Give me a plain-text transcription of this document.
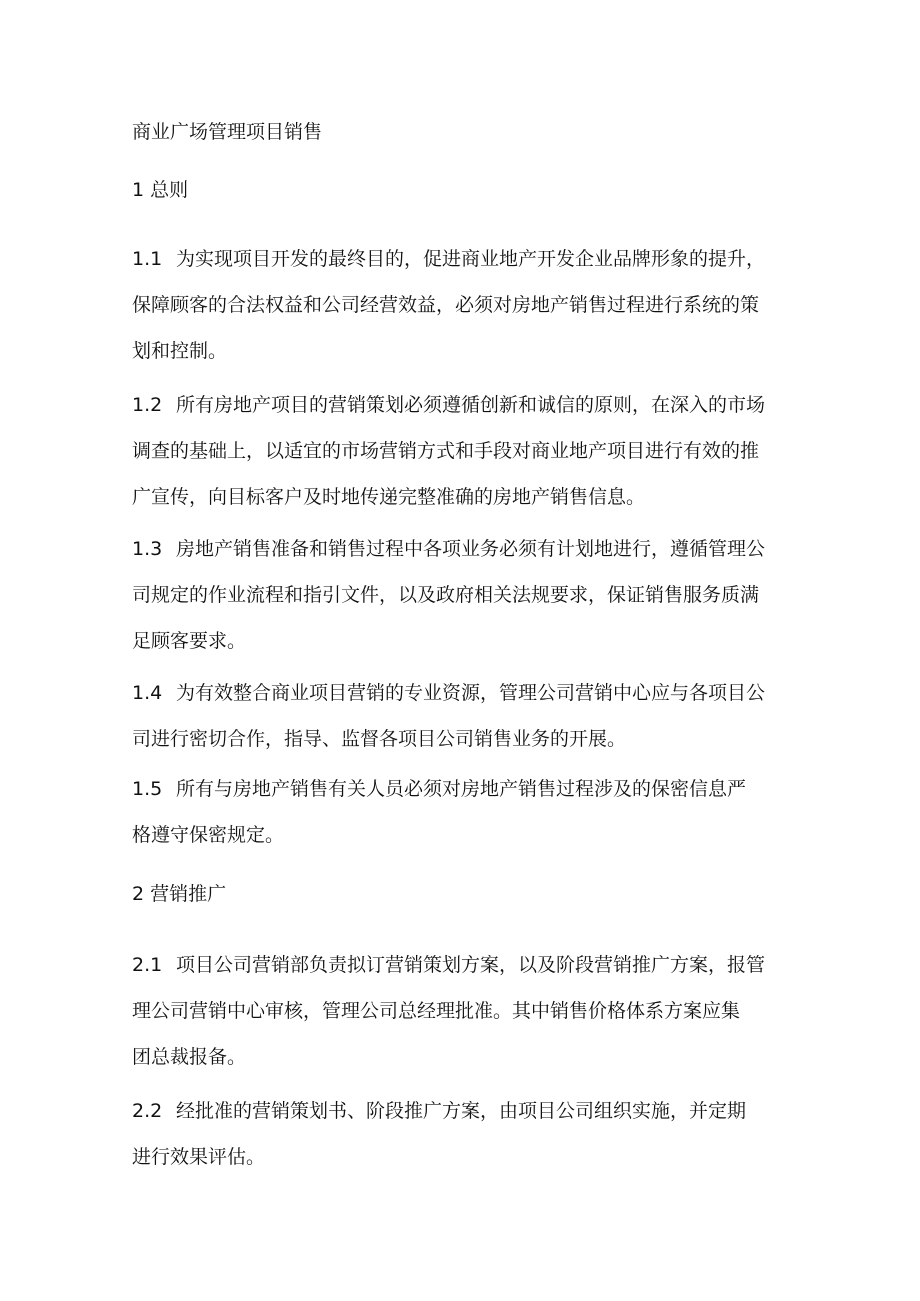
商业广场管理项目销售
1 总则
1.1 为实现项目开发的最终目的，促进商业地产开发企业品牌形象的提升，
保障顾客的合法权益和公司经营效益，必须对房地产销售过程进行系统的策
划和控制。
1.2 所有房地产项目的营销策划必须遵循创新和诚信的原则，在深入的市场
调查的基础上，以适宜的市场营销方式和手段对商业地产项目进行有效的推
广宣传，向目标客户及时地传递完整准确的房地产销售信息。
1.3 房地产销售准备和销售过程中各项业务必须有计划地进行，遵循管理公
司规定的作业流程和指引文件，以及政府相关法规要求，保证销售服务质满
足顾客要求。
1.4 为有效整合商业项目营销的专业资源，管理公司营销中心应与各项目公
司进行密切合作，指导、监督各项目公司销售业务的开展。
1.5 所有与房地产销售有关人员必须对房地产销售过程涉及的保密信息严
格遵守保密规定。
2 营销推广
2.1 项目公司营销部负责拟订营销策划方案，以及阶段营销推广方案，报管
理公司营销中心审核，管理公司总经理批准。其中销售价格体系方案应集
团总裁报备。
2.2 经批准的营销策划书、阶段推广方案，由项目公司组织实施，并定期
进行效果评估。
